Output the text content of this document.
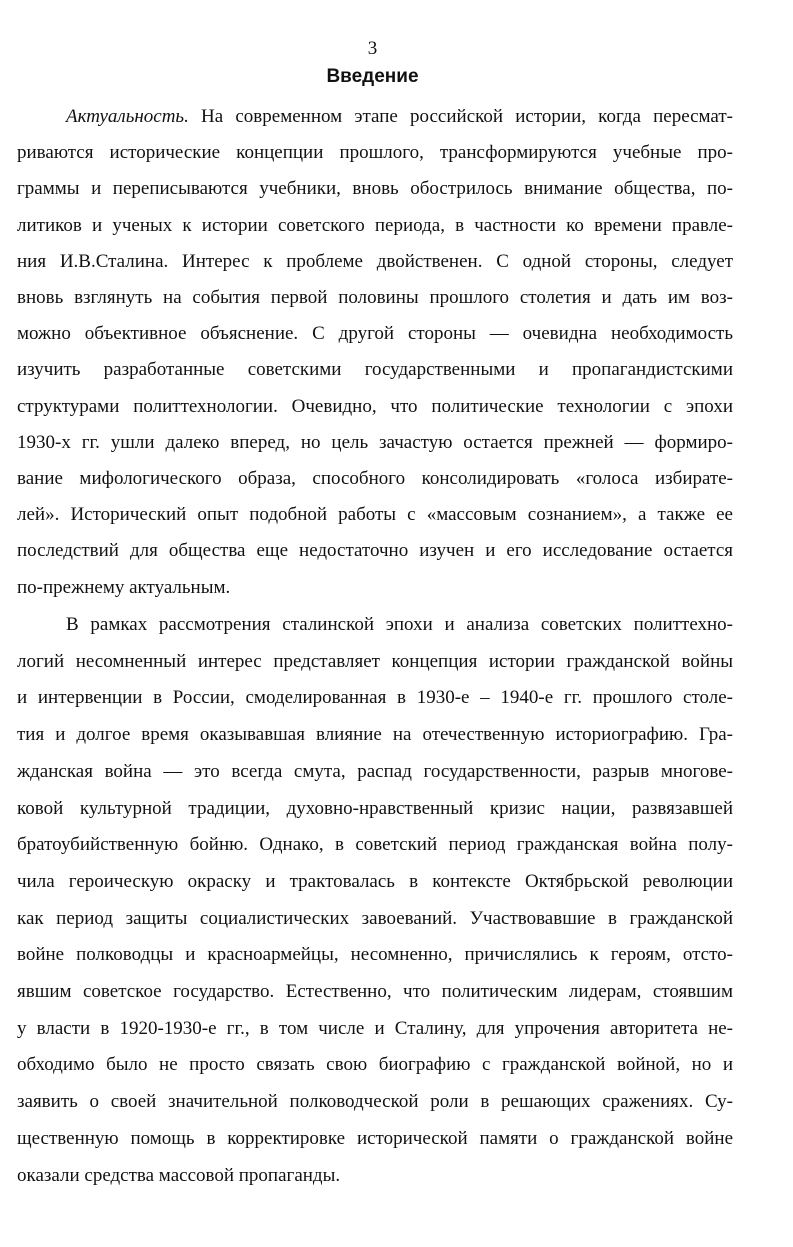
3
Введение
Актуальность. На современном этапе российской истории, когда пересмат-
риваются исторические концепции прошлого, трансформируются учебные про-
граммы и переписываются учебники, вновь обострилось внимание общества, по-
литиков и ученых к истории советского периода, в частности ко времени правле-
ния И.В.Сталина. Интерес к проблеме двойственен. С одной стороны, следует
вновь взглянуть на события первой половины прошлого столетия и дать им воз-
можно объективное объяснение. С другой стороны — очевидна необходимость
изучить разработанные советскими государственными и пропагандистскими
структурами политтехнологии. Очевидно, что политические технологии с эпохи
1930-х гг. ушли далеко вперед, но цель зачастую остается прежней — формиро-
вание мифологического образа, способного консолидировать «голоса избирате-
лей». Исторический опыт подобной работы с «массовым сознанием», а также ее
последствий для общества еще недостаточно изучен и его исследование остается
по-прежнему актуальным.
В рамках рассмотрения сталинской эпохи и анализа советских политтехно-
логий несомненный интерес представляет концепция истории гражданской войны
и интервенции в России, смоделированная в 1930-е – 1940-е гг. прошлого столе-
тия и долгое время оказывавшая влияние на отечественную историографию. Гра-
жданская война — это всегда смута, распад государственности, разрыв многове-
ковой культурной традиции, духовно-нравственный кризис нации, развязавшей
братоубийственную бойню. Однако, в советский период гражданская война полу-
чила героическую окраску и трактовалась в контексте Октябрьской революции
как период защиты социалистических завоеваний. Участвовавшие в гражданской
войне полководцы и красноармейцы, несомненно, причислялись к героям, отсто-
явшим советское государство. Естественно, что политическим лидерам, стоявшим
у власти в 1920-1930-е гг., в том числе и Сталину, для упрочения авторитета не-
обходимо было не просто связать свою биографию с гражданской войной, но и
заявить о своей значительной полководческой роли в решающих сражениях. Су-
щественную помощь в корректировке исторической памяти о гражданской войне
оказали средства массовой пропаганды.
